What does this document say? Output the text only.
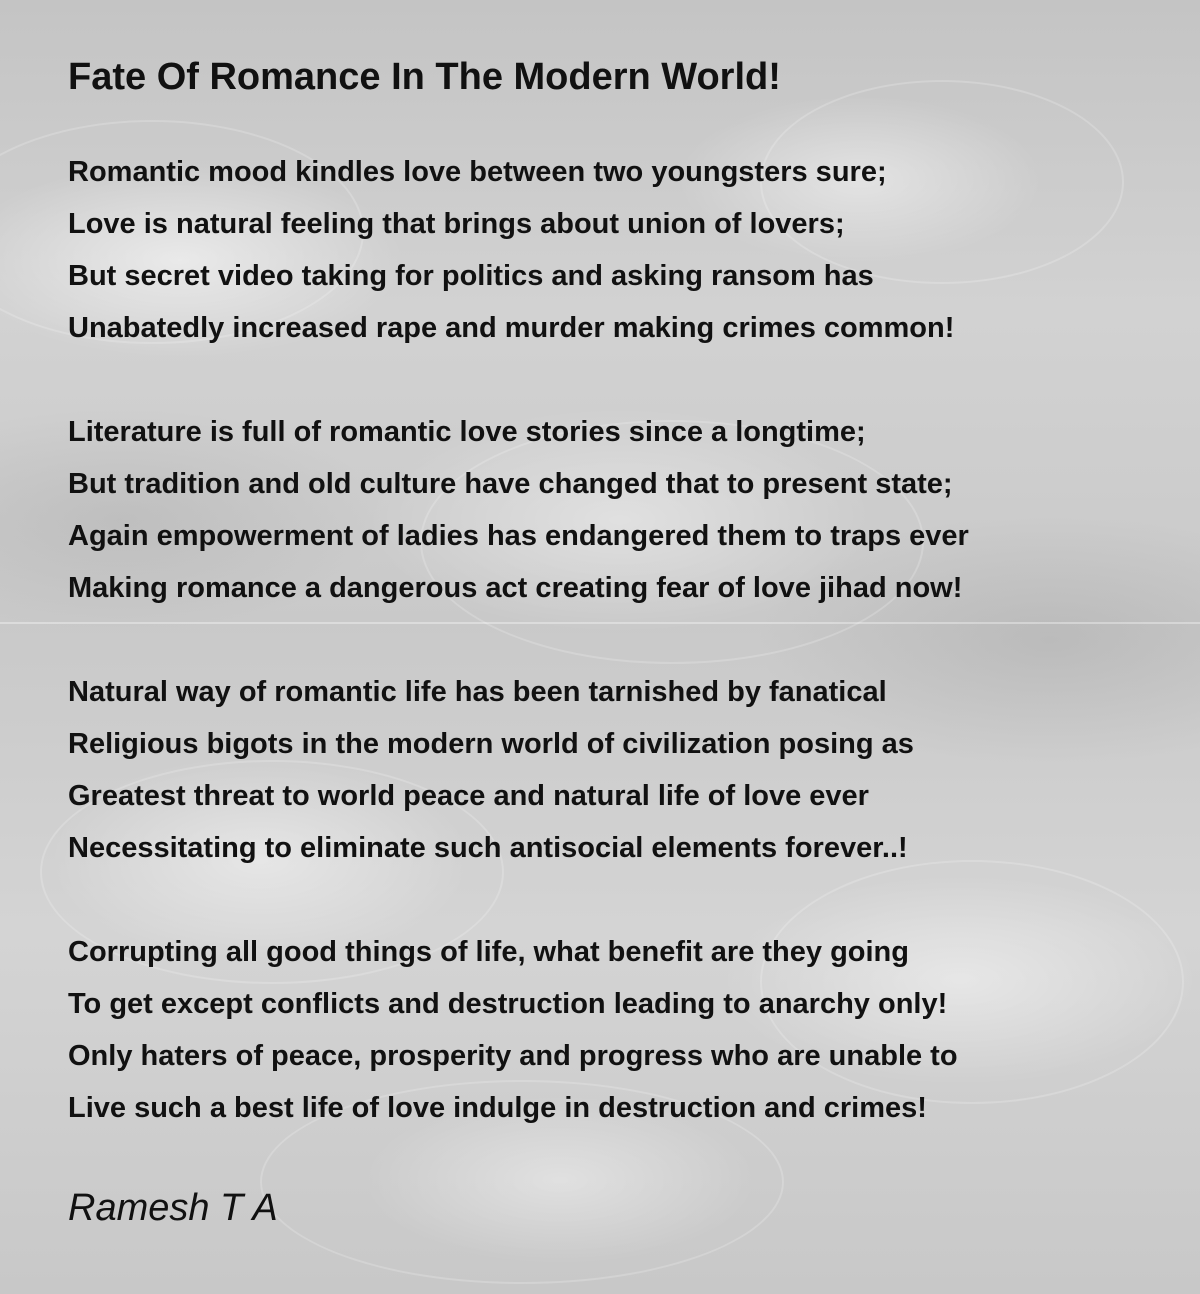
Fate Of Romance In The Modern World!
Romantic mood kindles love between two youngsters sure;
Love is natural feeling that brings about union of lovers;
But secret video taking for politics and asking ransom has
Unabatedly increased rape and murder making crimes common!
Literature is full of romantic love stories since a longtime;
But tradition and old culture have changed that to present state;
Again empowerment of ladies has endangered them to traps ever
Making romance a dangerous act creating fear of love jihad now!
Natural way of romantic life has been tarnished by fanatical
Religious bigots in the modern world of civilization posing as
Greatest threat to world peace and natural life of love ever
Necessitating to eliminate such antisocial elements forever..!
Corrupting all good things of life, what benefit are they going
To get except conflicts and destruction leading to anarchy only!
Only haters of peace, prosperity and progress who are unable to
Live such a best life of love indulge in destruction and crimes!
Ramesh T A
